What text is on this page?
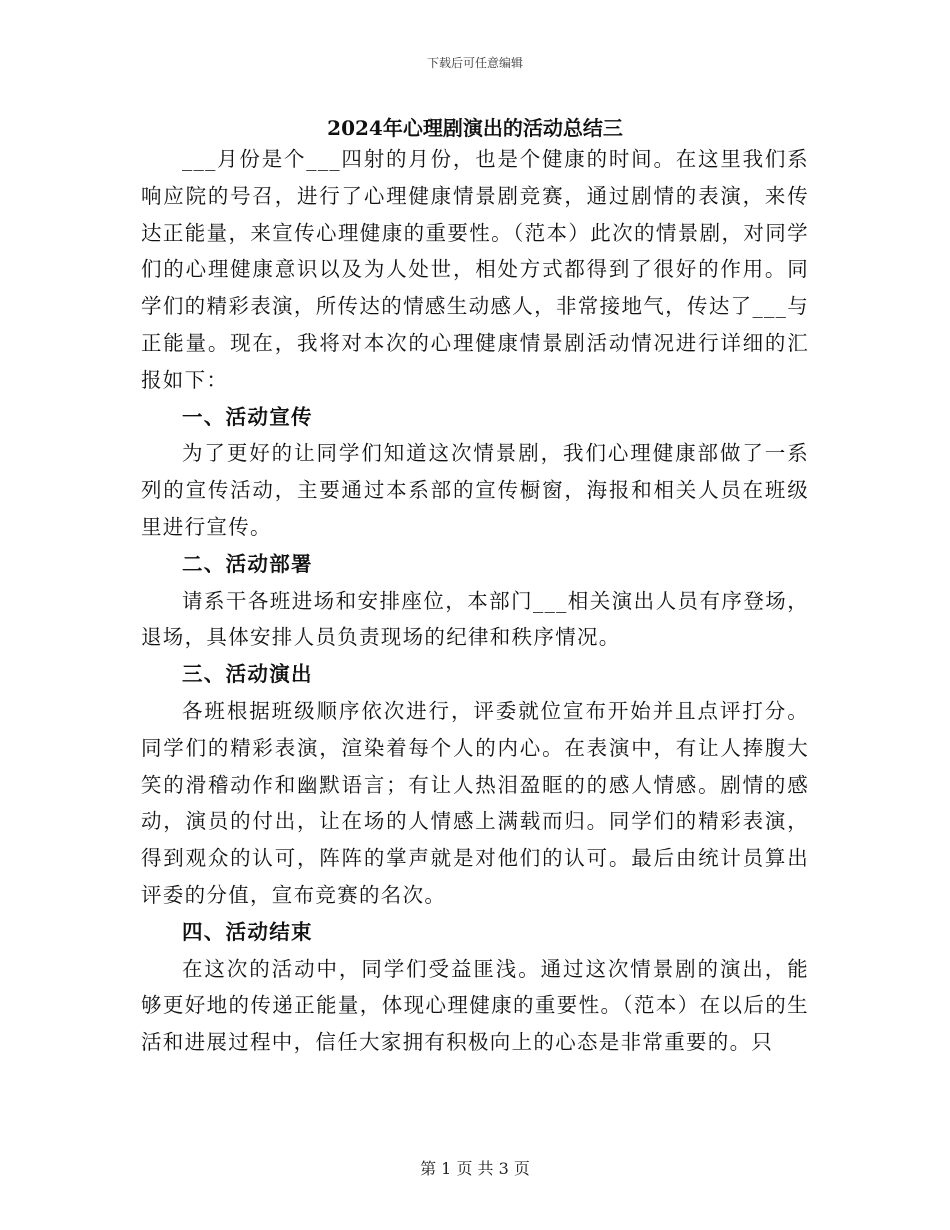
下载后可任意编辑
2024年心理剧演出的活动总结三

___月份是个___四射的月份，也是个健康的时间。在这里我们系响应院的号召，进行了心理健康情景剧竞赛，通过剧情的表演，来传达正能量，来宣传心理健康的重要性。（范本）此次的情景剧，对同学们的心理健康意识以及为人处世，相处方式都得到了很好的作用。同学们的精彩表演，所传达的情感生动感人，非常接地气，传达了___与正能量。现在，我将对本次的心理健康情景剧活动情况进行详细的汇报如下：

一、活动宣传

为了更好的让同学们知道这次情景剧，我们心理健康部做了一系列的宣传活动，主要通过本系部的宣传橱窗，海报和相关人员在班级里进行宣传。

二、活动部署

请系干各班进场和安排座位，本部门___相关演出人员有序登场，退场，具体安排人员负责现场的纪律和秩序情况。

三、活动演出

各班根据班级顺序依次进行，评委就位宣布开始并且点评打分。同学们的精彩表演，渲染着每个人的内心。在表演中，有让人捧腹大笑的滑稽动作和幽默语言；有让人热泪盈眶的的感人情感。剧情的感动，演员的付出，让在场的人情感上满载而归。同学们的精彩表演，得到观众的认可，阵阵的掌声就是对他们的认可。最后由统计员算出评委的分值，宣布竞赛的名次。

四、活动结束

在这次的活动中，同学们受益匪浅。通过这次情景剧的演出，能够更好地的传递正能量，体现心理健康的重要性。（范本）在以后的生活和进展过程中，信任大家拥有积极向上的心态是非常重要的。只

第 1 页 共 3 页
